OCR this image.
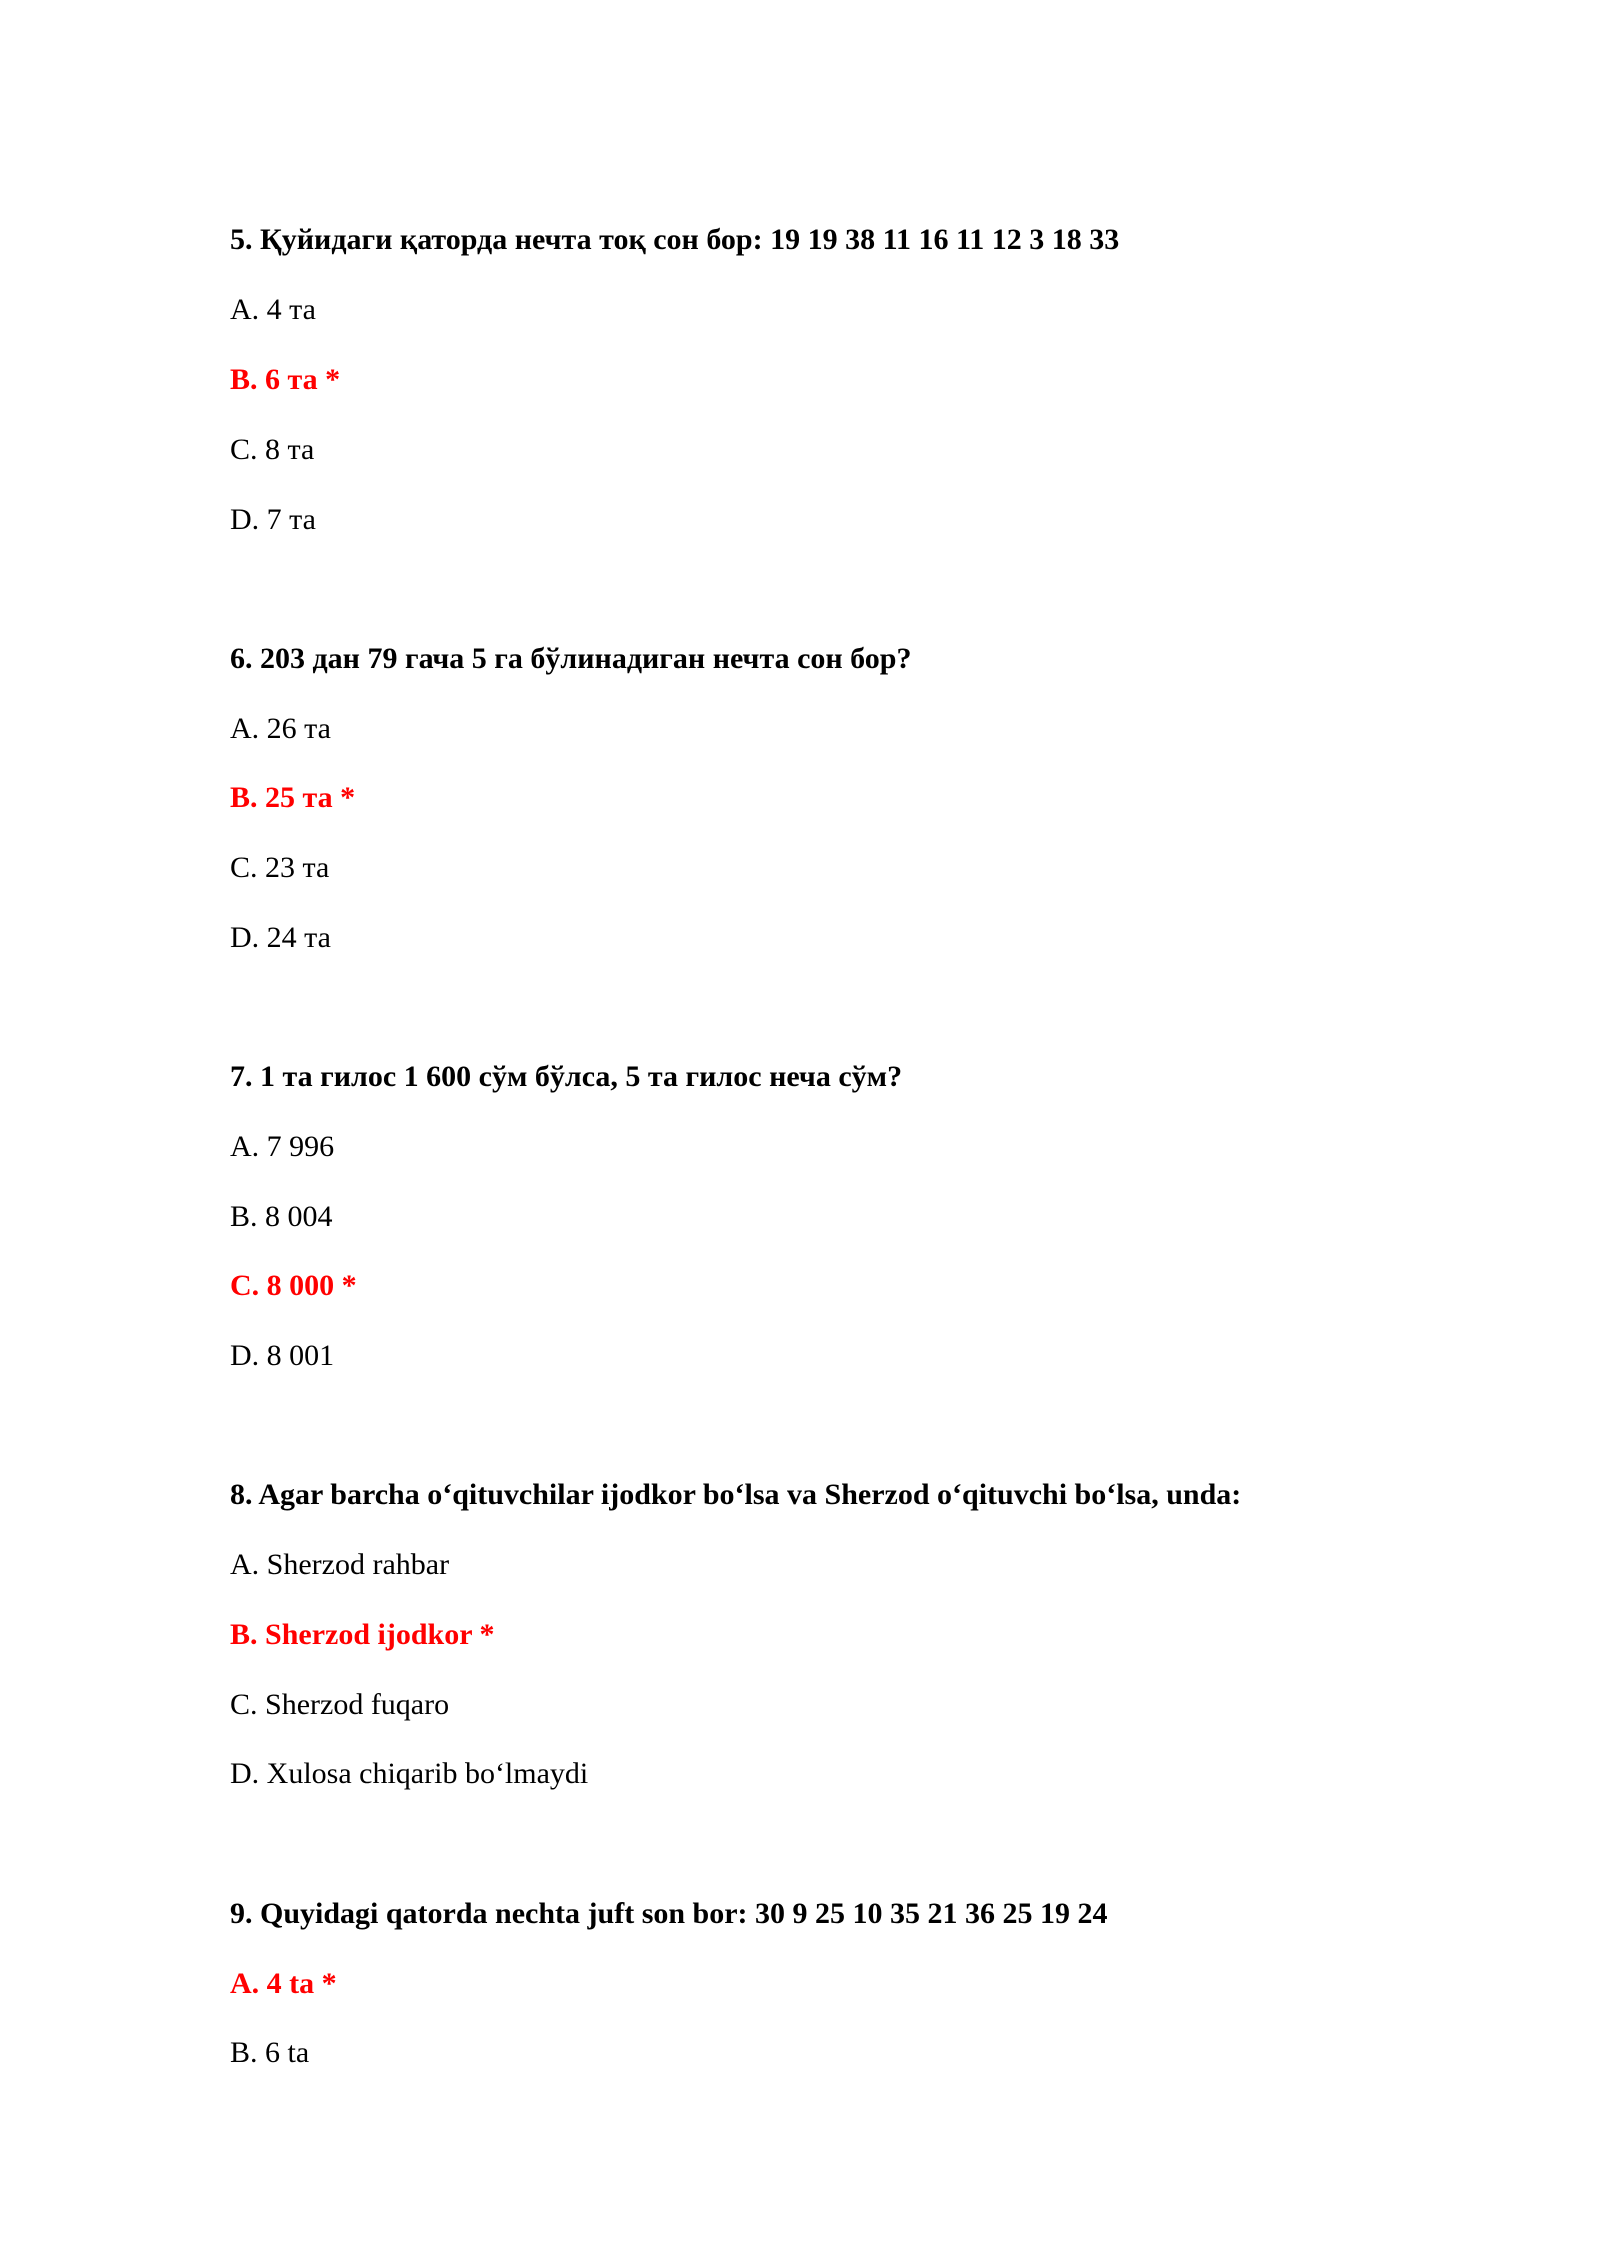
5. Қуйидаги қаторда нечта тоқ сон бор: 19 19 38 11 16 11 12 3 18 33
A. 4 та
B. 6 та *
C. 8 та
D. 7 та
6. 203 дан 79 гача 5 га бўлинадиган нечта сон бор?
A. 26 та
B. 25 та *
C. 23 та
D. 24 та
7. 1 та гилос 1 600 сўм бўлса, 5 та гилос неча сўм?
A. 7 996
B. 8 004
C. 8 000 *
D. 8 001
8. Agar barcha o‘qituvchilar ijodkor bo‘lsa va Sherzod o‘qituvchi bo‘lsa, unda:
A. Sherzod rahbar
B. Sherzod ijodkor *
C. Sherzod fuqaro
D. Xulosa chiqarib bo‘lmaydi
9. Quyidagi qatorda nechta juft son bor: 30 9 25 10 35 21 36 25 19 24
A. 4 ta *
B. 6 ta
